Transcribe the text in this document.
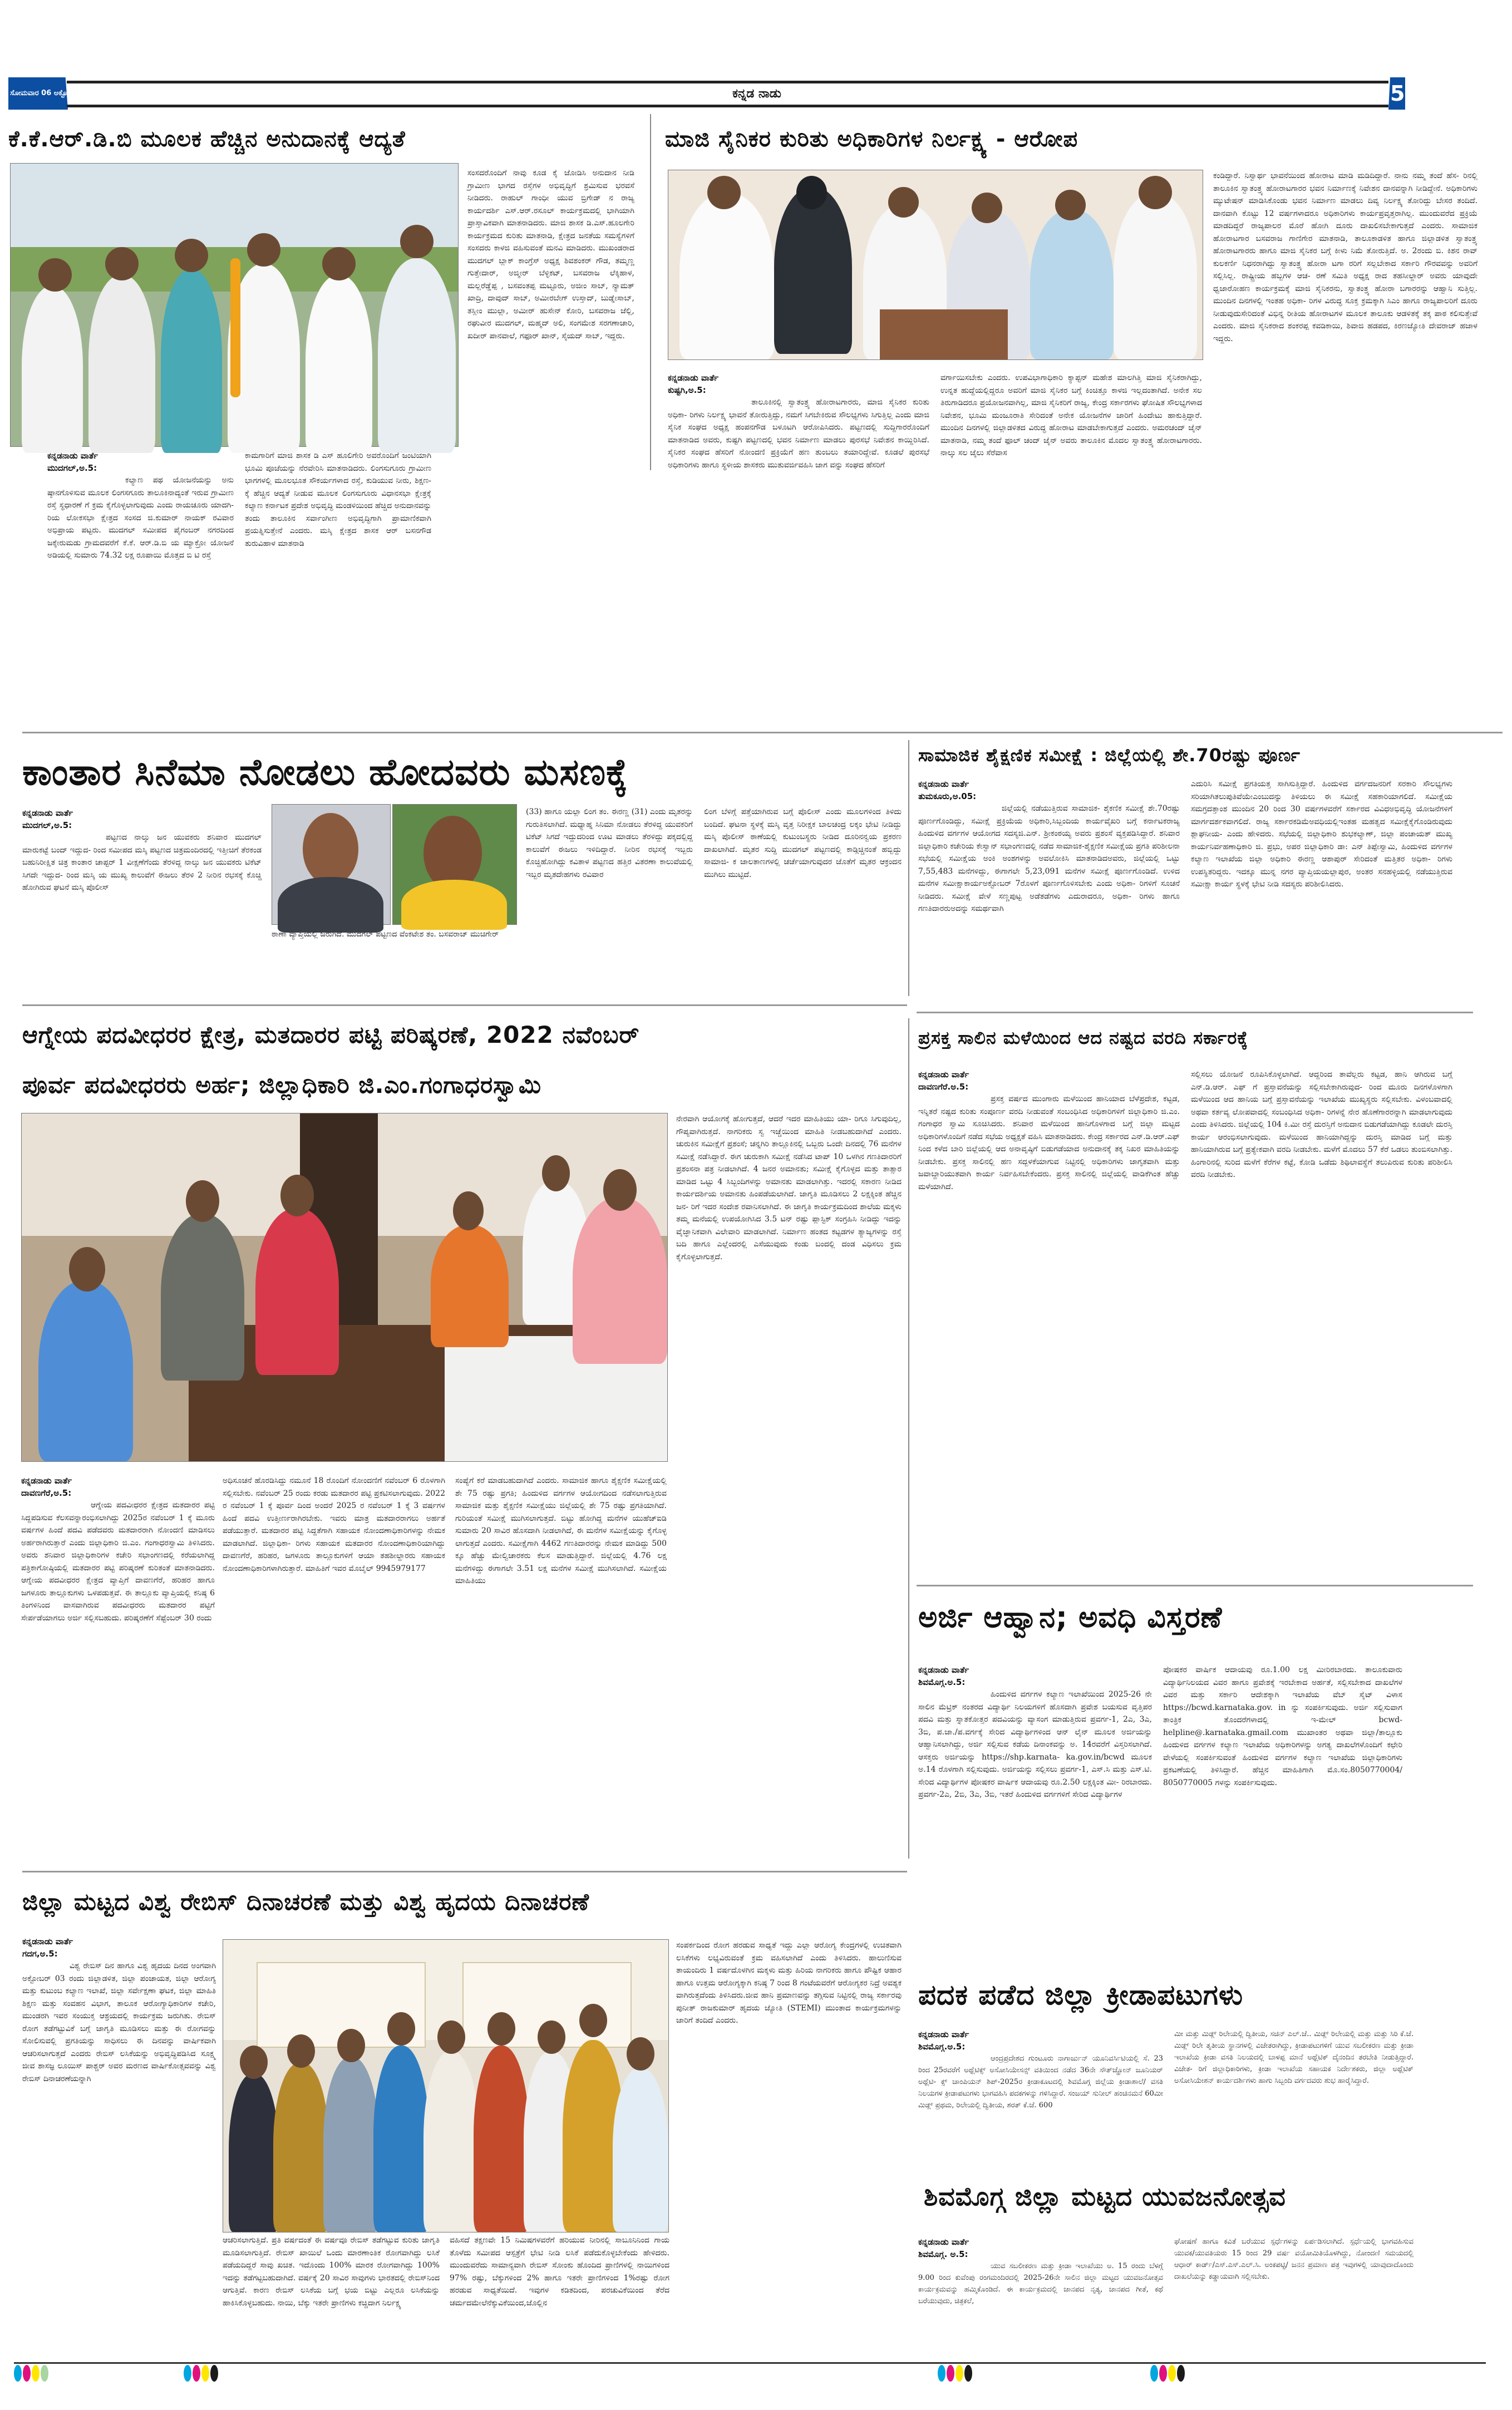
ಸೋಮವಾರ 06 ಅಕ್ಟೋಬರ್ 2025	ಕನ್ನಡ ನಾಡು	5
ಕೆ.ಕೆ.ಆರ್.ಡಿ.ಬಿ ಮೂಲಕ ಹೆಚ್ಚಿನ ಅನುದಾನಕ್ಕೆ ಆದ್ಯತೆ
ಕನ್ನಡನಾಡು ವಾರ್ತೆ
ಮುದಗಲ್,ಅ.5:
ಕಲ್ಯಾಣ ಪಥ ಯೋಜನೆಯನ್ನು ಅನು ಷ್ಠಾನಗೊಳಿಸುವ ಮೂಲಕ ಲಿಂಗಸಗೂರು ತಾಲೂಕಿನಾದ್ಯಂತೆ ಇರುವ ಗ್ರಾಮೀಣ ರಸ್ತೆ ಸ್ಥಧಾರಣೆ ಗೆ ಕ್ರಮ ಕೈಗೊಳ್ಳಲಾಗುವುದು ಎಂದು ರಾಯಚೂರು ಯಾದಗಿ- ರಿಯ ಲೋಕಸಭಾ ಕ್ಷೇತ್ರದ ಸಂಸದ ಜಿ.ಕುಮಾರ್ ನಾಯಕ್ ರವಿವಾರ ಅಭಿಪ್ರಾಯ ಪಟ್ಟರು. ಮುದಗಲ್ ಸಮೀಪದ ಪೈಗಂಬರ್ ನಗರದಿಂದ ಜಕ್ಕೇರುಮಡು ಗ್ರಾಮದವರೆಗೆ ಕೆ.ಕೆ. ಆರ್.ಡಿ.ಬಿ ಯ ಮ್ಯಾಕ್ರೋ ಯೋಜನೆ ಅಡಿಯಲ್ಲಿ ಸುಮಾರು 74.32 ಲಕ್ಷ ರೂಪಾಯಿ ಮೊತ್ತದ ಬಿ ಟಿ ರಸ್ತೆ
ಕಾಮಗಾರಿಗೆ ಮಾಜಿ ಶಾಸಕ ಡಿ ಎಸ್ ಹೂಲಿಗೇರಿ ಅವರೊಂದಿಗೆ ಜಂಟಿಯಾಗಿ ಭೂಮಿ ಪೂಜೆಯನ್ನು ನೆರವೇರಿಸಿ ಮಾತನಾಡಿದರು. ಲಿಂಗಸುಗೂರು ಗ್ರಾಮೀಣ ಭಾಗಗಳಲ್ಲಿ ಮೂಲಭೂತ ಸೌಕರ್ಯಗಳಾದ ರಸ್ತೆ, ಕುಡಿಯುವ ನೀರು, ಶಿಕ್ಷಣ- ಕ್ಕೆ ಹೆಚ್ಚಿನ ಆದ್ಯತೆ ನೀಡುವ ಮೂಲಕ ಲಿಂಗಸುಗೂರು ವಿಧಾನಸಭಾ ಕ್ಷೇತ್ರಕ್ಕೆ ಕಲ್ಯಾಣ ಕರ್ನಾಟಕ ಪ್ರದೇಶ ಅಭಿವೃದ್ಧಿ ಮಂಡಳಿಯಿಂದ ಹೆಚ್ಚಿದ ಅನುದಾನವನ್ನು ತಂದು ತಾಲೂಕಿನ ಸರ್ವಾಂಗೀಣ ಅಭಿವೃದ್ಧಿಗಾಗಿ ಪ್ರಾಮಾಣಿಕವಾಗಿ ಪ್ರಯತ್ನಿಸುತ್ತೇನೆ ಎಂದರು. ಮಸ್ಕಿ ಕ್ಷೇತ್ರದ ಶಾಸಕ ಆರ್ ಬಸನಗೌಡ ತುರುವಿಹಾಳ ಮಾತನಾಡಿ
ಸಂಸದರೊಂದಿಗೆ ನಾವು ಕೂಡ ಕೈ ಜೋಡಿಸಿ ಅನುದಾನ ನೀಡಿ ಗ್ರಾಮೀಣ ಭಾಗದ ರಸ್ತೆಗಳ ಅಭಿವೃದ್ಧಿಗೆ ಶ್ರಮಿಸುವ ಭರವಸೆ ನೀಡಿದರು. ರಾಹುಲ್ ಗಾಂಧೀ ಯುವ ಬ್ರಿಗೇಡ್ ನ ರಾಜ್ಯ ಕಾರ್ಯದರ್ಶಿ ಎಸ್.ಆರ್.ರಸೂಲ್ ಕಾರ್ಯಕ್ರಮದಲ್ಲಿ ಭಾಗಿಯಾಗಿ ಪ್ರಾಸ್ತಾವಿಕವಾಗಿ ಮಾತನಾಡಿದರು. ಮಾಜಿ ಶಾಸಕ ಡಿ.ಎಸ್.ಹೂಲಗೇರಿ ಕಾರ್ಯಕ್ರಮದ ಕುರಿತು ಮಾತನಾಡಿ, ಕ್ಷೇತ್ರದ ಜನತೆಯ ಸಮಸ್ಯೆಗಳಿಗೆ ಸಂಸದರು ಕಾಳಜಿ ವಹಿಸುವಂತೆ ಮನವಿ ಮಾಡಿದರು. ಮುಖಂಡರಾದ ಮುದಗಲ್ ಬ್ಲಾಕ್ ಕಾಂಗ್ರೆಸ್ ಅಧ್ಯಕ್ಷ ಶಿವಶಂಕರ್ ಗೌಡ, ತಮ್ಮಣ್ಣ ಗುತ್ತೇದಾರ್, ಅಜ್ಮೀರ್ ಬೆಳ್ಳಿಕಟ್, ಬಸವರಾಜ ಲೆಕ್ಕಿಹಾಳ, ಮಲ್ಲರೆಡ್ಡೆಪ್ಪ , ಬಸವಂತಪ್ಪ ಮಟ್ಟೂರು, ಅಜೀಂ ಸಾಬ್, ನ್ಯಾಮತ್ ಖಾದ್ರಿ, ದಾವುದ್ ಸಾಬ್, ಅಮೀರಬೇಗ್ ಉಸ್ತಾದ್, ಬುಡ್ನೇಸಾಬ್, ತಸ್ಲೀಂ ಮುಲ್ಲಾ, ಅಮೀರ್ ಹುಸೇನ್ ಕೋರಿ, ಬಸವರಾಜ ಜೆಲ್ಲಿ, ರಘುವೀರ ಮುದಗಲ್, ಮಹ್ಮದ್ ಅಲಿ, ಸಂಗಮೇಶ ಸರಗಣಾಚಾರಿ, ಖದೀರ್ ಪಾನವಾಲೆ, ಗಫೂರ್ ಖಾನ್, ಸೈಯದ್ ಸಾಬ್, ಇದ್ದರು.
ಮಾಜಿ ಸೈನಿಕರ ಕುರಿತು ಅಧಿಕಾರಿಗಳ ನಿರ್ಲಕ್ಷ್ಯ - ಆರೋಪ
ಕನ್ನಡನಾಡು ವಾರ್ತೆ
ಕುಷ್ಟಗಿ,ಅ.5:
ತಾಲೂಕಿನಲ್ಲಿ ಸ್ವಾತಂತ್ರ್ಯ ಹೋರಾಟಗಾರರು, ಮಾಜಿ ಸೈನಿಕರ ಕುರಿತು ಅಧಿಕಾ- ರಿಗಳು ನಿರ್ಲಕ್ಷ್ಯ ಭಾವನೆ ತೋರುತ್ತಿದ್ದು, ನಮಗೆ ಸಿಗಬೇಕಿರುವ ಸೌಲಭ್ಯಗಳು ಸಿಗುತ್ತಿಲ್ಲ ಎಂದು ಮಾಜಿ ಸೈನಿಕ ಸಂಘದ ಅಧ್ಯಕ್ಷ ಹಂಪನಗೌಡ ಬಳೂಟಗಿ ಆರೋಪಿಸಿದರು. ಪಟ್ಟಣದಲ್ಲಿ ಸುದ್ದಿಗಾರರೊಂದಿಗೆ ಮಾತನಾಡಿದ ಅವರು, ಕುಷ್ಟಗಿ ಪಟ್ಟಣದಲ್ಲಿ ಭವನ ನಿರ್ಮಾಣ ಮಾಡಲು ಪುರಸಭೆ ನಿವೇಶನ ಕಾಯ್ದಿರಿಸಿದೆ. ಸೈನಿಕರ ಸಂಘದ ಹೆಸರಿಗೆ ನೋಂದಣಿ ಪ್ರಕ್ರಿಯೆಗೆ ಹಣ ತುಂಬಲು ತಯಾರಿದ್ದೇವೆ. ಕೂಡಲೆ ಪುರಸಭೆ ಅಧಿಕಾರಿಗಳು ಹಾಗೂ ಸ್ಥಳೀಯ ಶಾಸಕರು ಮುತುವರ್ಜಿವಹಿಸಿ ಜಾಗ ವನ್ನು ಸಂಘದ ಹೆಸರಿಗೆ
ವರ್ಗಾಯಿಸಬೇಕು ಎಂದರು. ಉಪವಿಭಾಗಾಧಿಕಾರಿ ಕ್ಯಾಪ್ಟನ್ ಮಹೇಶ ಮಾಲಗಿತ್ತಿ ಮಾಜಿ ಸೈನಿಕರಾಗಿದ್ದು, ಉನ್ನತ ಹುದ್ದೆಯಲ್ಲಿದ್ದರೂ ಅವರಿಗೆ ಮಾಜಿ ಸೈನಿಕರ ಬಗ್ಗೆ ಕಿಂಚಿತ್ತೂ ಕಾಳಜಿ ಇಲ್ಲದಂತಾಗಿದೆ. ಅನೇಕ ಸಲ ತಿರುಗಾಡಿದರೂ ಪ್ರಯೋಜನವಾಗಿಲ್ಲ, ಮಾಜಿ ಸೈನಿಕರಿಗೆ ರಾಜ್ಯ, ಕೇಂದ್ರ ಸರ್ಕಾರಗಳು ಘೋಷಿತ ಸೌಲಭ್ಯಗಳಾದ ನಿವೇಶನ, ಭೂಮಿ ಮಂಜೂರಾತಿ ಸೇರಿದಂತೆ ಅನೇಕ ಯೋಜನೆಗಳ ಜಾರಿಗೆ ಹಿಂದೇಟು ಹಾಕುತ್ತಿದ್ದಾರೆ. ಮುಂದಿನ ದಿನಗಳಲ್ಲಿ ಜಿಲ್ಲಾಡಳಿತದ ವಿರುದ್ಧ ಹೋರಾಟ ಮಾಡಬೇಕಾಗುತ್ತದೆ ಎಂದರು. ಅಮರಚಂದ್ ಜೈನ್ ಮಾತನಾಡಿ, ನಮ್ಮ ತಂದೆ ಫೂಲ್ ಚಂದ್ ಜೈನ್ ಅವರು ತಾಲೂಕಿನ ಮೊದಲ ಸ್ವಾತಂತ್ರ್ಯ ಹೋರಾಟಗಾರರು. ನಾಲ್ಕು ಸಲ ಜೈಲು ಸೆರೆವಾಸ
ಕಂಡಿದ್ದಾರೆ. ನಿಸ್ವಾರ್ಥ ಭಾವನೆಯಿಂದ ಹೋರಾಟ ಮಾಡಿ ಮಡಿದಿದ್ದಾರೆ. ನಾನು ನಮ್ಮ ತಂದೆ ಹೆಸ- ರಿನಲ್ಲಿ ತಾಲೂಕಿನ ಸ್ವಾತಂತ್ರ್ಯ ಹೋರಾಟಗಾರರ ಭವನ ನಿರ್ಮಾಣಕ್ಕೆ ನಿವೇಶನ ದಾನವನ್ನಾಗಿ ನೀಡಿದ್ದೇನೆ. ಅಧಿಕಾರಿಗಳು ಮ್ಯುಟೇಷನ್ ಮಾಡಿಸಿಕೊಂಡು ಭವನ ನಿರ್ಮಾಣ ಮಾಡಲು ದಿವ್ಯ ನಿರ್ಲಕ್ಷ್ಯ ತೋರಿದ್ದು ಬೇಸರ ತಂದಿದೆ. ದಾನವಾಗಿ ಕೊಟ್ಟು 12 ವರ್ಷಗಳಾದರೂ ಅಧಿಕಾರಿಗಳು ಕಾರ್ಯಪ್ರವೃತ್ತರಾಗಿಲ್ಲ. ಮುಂದುವರೆದ ಪ್ರಕ್ರಿಯೆ ಮಾಡದಿದ್ದರೆ ರಾಜ್ಯಪಾಲರ ಮೊರೆ ಹೋಗಿ ದೂರು ದಾಖಲಿಸಬೇಕಾಗುತ್ತದೆ ಎಂದರು. ಸಾಮಾಜಿಕ ಹೋರಾಟಗಾರ ಬಸವರಾಜ ಗಾಣಿಗೇರ ಮಾತನಾಡಿ, ತಾಲೂಕಾಡಳಿತ ಹಾಗೂ ಜಿಲ್ಲಾಡಳಿತ ಸ್ವಾತಂತ್ರ್ಯ ಹೋರಾಟಗಾರರು ಹಾಗೂ ಮಾಜಿ ಸೈನಿಕರ ಬಗ್ಗೆ ಕೀಳು ನಿಮೆ ತೋರುತ್ತಿದೆ. ಅ. 2ರಂದು ಬಿ. ಕಿಶನ ರಾವ್ ಕುಲಕರ್ಣಿ ನಿಧನರಾಗಿದ್ದು ಸ್ವಾತಂತ್ರ್ಯ ಹೋರಾ ಟಗಾ ರರಿಗೆ ಸಲ್ಲಬೇಕಾದ ಸರ್ಕಾರಿ ಗೌರವವನ್ನು ಅವರಿಗೆ ಸಲ್ಲಿಸಿಲ್ಲ. ರಾಷ್ಟ್ರೀಯ ಹಬ್ಬಗಳ ಆಚ- ರಣೆ ಸಮಿತಿ ಅಧ್ಯಕ್ಷ ರಾದ ತಹಸೀಲ್ದಾರ್ ಅವರು ಯಾವುದೇ ಧ್ವಜಾರೋಹಣ ಕಾರ್ಯಕ್ರಮಕ್ಕೆ ಮಾಜಿ ಸೈನಿಕರನು, ಸ್ವಾತಂತ್ರ್ಯ ಹೋರಾ ಬಗಾರರನ್ನು ಆಹ್ವಾನಿ ಸುತ್ತಿಲ್ಲ. ಮುಂದಿನ ದಿನಗಳಲ್ಲಿ ಇಂತಹ ಅಧಿಕಾ- ರಿಗಳ ವಿರುದ್ಧ ಸೂಕ್ತ ಕ್ರಮಕ್ಕಾಗಿ ಸಿಎಂ ಹಾಗೂ ರಾಜ್ಯಪಾಲರಿಗೆ ದೂರು ನೀಡುವುದುಸೇರಿದಂತೆ ವಿಭಿನ್ನ ರೀತಿಯ ಹೋರಾಟಗಳ ಮೂಲಕ ತಾಲೂಕು ಆಡಳಿತಕ್ಕೆ ತಕ್ಕ ಪಾಠ ಕಲಿಸುತ್ತೇವೆ ಎಂದರು. ಮಾಜಿ ಸೈನಿಕರಾದ ಶಂಕರಪ್ಪ ಕವಡಿಕಾಯಿ, ಶಿವಾಜಿ ಹಡಪದ, ಕಿರಣಜ್ಯೋತಿ ದೇವರಾಜ್ ಹಜಾಳ ಇದ್ದರು.
ಕಾಂತಾರ ಸಿನೆಮಾ ನೋಡಲು ಹೋದವರು ಮಸಣಕ್ಕೆ
ಕನ್ನಡನಾಡು ವಾರ್ತೆ
ಮುದಗಲ್,ಅ.5:
ಪಟ್ಟಣದ ನಾಲ್ಕು ಜನ ಯುವಕರು ಶನಿವಾರ ಮುದಗಲ್ ಮಾರುಕಟ್ಟೆ ಬಂದ್ ಇದ್ದುದ- ರಿಂದ ಸಮೀಪದ ಮಸ್ಕಿ ಪಟ್ಟಣದ ಚಿತ್ರಮಂದಿರದಲ್ಲಿ ಇತ್ತೀಚಿಗೆ ತೆರಕಂಡ ಬಹುನಿರೀಕ್ಷಿತ ಚಿತ್ರ ಕಾಂತಾರ ಚಾಪ್ಟರ್ 1 ವೀಕ್ಷಣೆಗೆಂದು ತೆರಳಿದ್ದ ನಾಲ್ಕು ಜನ ಯುವಕರು ಟಿಕೆಟ್ ಸಿಗದೇ ಇದ್ದುದ- ರಿಂದ ಮಸ್ಕಿ ಯ ಮುಖ್ಯ ಕಾಲುವೆಗೆ ಈಜಲು ತೆರಳಿ 2 ನೀರಿನ ರಭಸಕ್ಕೆ ಕೊಚ್ಚಿ ಹೋಗಿರುವ ಘಟನೆ ಮಸ್ಕಿ ಪೊಲೀಸ್
ಠಾಣಾ ವ್ಯಾಪ್ತಿಯಲ್ಲಿ ಜರುಗಿದೆ. ಮುದಗಲ್ ಪಟ್ಟಣದ ವೆಂಕಟೇಶ ತಂ. ಬಸವರಾಜ್ ಮುಚಿಗೇರ್
(33) ಹಾಗೂ ಯಲ್ಲಾ ಲಿಂಗ ತಂ. ಈರಣ್ಣ (31) ಎಂದು ಮೃತರನ್ನು ಗುರುತಿಸಲಾಗಿದೆ. ಮಧ್ಯಾಹ್ನ ಸಿನಿಮಾ ನೋಡಲು ತೆರಳಿದ್ದ ಯುವಕರಿಗೆ ಟಿಕೆಟ್ ಸಿಗದೆ ಇದ್ದುದರಿಂದ ಊಟ ಮಾಡಲು ತೆರಳಿದ್ದು ಪಕ್ಕದಲ್ಲಿದ್ದ ಕಾಲುವೆಗೆ ಈಜಲು ಇಳಿದಿದ್ದಾರೆ. ನೀರಿನ ರಭಸಕ್ಕೆ ಇಬ್ಬರು ಕೊಚ್ಚಿಹೋಗಿದ್ದು ಕವಿತಾಳ ಪಟ್ಟಣದ ಹತ್ತಿರ ವಿತರಣಾ ಕಾಲುವೆಯಲ್ಲಿ ಇಬ್ಬರ ಮೃತದೇಹಗಳು ರವಿವಾರ
ಲಿಂಗ ಬೆಳಿಗ್ಗೆ ಪತ್ತೆಯಾಗಿರುವ ಬಗ್ಗೆ ಪೊಲೀಸ್ ಎಂದು ಮೂಲಗಳಿಂದ ತಿಳಿದು ಬಂದಿದೆ. ಘಟನಾ ಸ್ಥಳಕ್ಕೆ ಮಸ್ಕಿ ವೃತ್ತ ನಿರೀಕ್ಷಕ ಬಾಲಚಂದ್ರ ಲಕ್ಕಂ ಭೇಟಿ ನೀಡಿದ್ದು ಮಸ್ಕಿ ಪೊಲೀಸ್ ಠಾಣೆಯಲ್ಲಿ ಕುಟುಂಬಸ್ಥರು ನೀಡಿದ ದೂರಿನನ್ವಯ ಪ್ರಕರಣ ದಾಖಲಾಗಿದೆ. ಮೃತರ ಸುದ್ದಿ ಮುದಗಲ್ ಪಟ್ಟಣದಲ್ಲಿ ಕಾಡ್ಗಿಚ್ಚಿನಂತೆ ಹಬ್ಬಿದ್ದು ಸಾಮಾಜಿ- ಕ ಜಾಲತಾಣಗಳಲ್ಲಿ ಚರ್ಚೆಯಾಗುವುದರ ಜೊತೆಗೆ ಮೃತರ ಆಕ್ರಂದನ ಮುಗಿಲು ಮುಟ್ಟಿದೆ.
ಸಾಮಾಜಿಕ ಶೈಕ್ಷಣಿಕ ಸಮೀಕ್ಷೆ : ಜಿಲ್ಲೆಯಲ್ಲಿ ಶೇ.70ರಷ್ಟು ಪೂರ್ಣ
ಕನ್ನಡನಾಡು ವಾರ್ತೆ
ತುಮಕೂರು,ಅ.05:
ಜಿಲ್ಲೆಯಲ್ಲಿ ನಡೆಯುತ್ತಿರುವ ಸಾಮಾಜಿಕ- ಶೈಕಣಿಕ ಸಮೀಕ್ಷೆ ಶೇ.70ರಷ್ಟು ಪೂರ್ಣಗೊಂಡಿದ್ದು, ಸಮೀಕ್ಷೆ ಪ್ರಕ್ರಿಯೆಯ ಅಧಿಕಾರಿ,ಸಿಬ್ಬಂದಿಯ ಕಾರ್ಯವೈಖರಿ ಬಗ್ಗೆ ಕರ್ನಾಟಕರಾಜ್ಯ ಹಿಂದುಳಿದ ವರ್ಗಗಳ ಆಯೋಗದ ಸದಸ್ಯಜಿ.ಎನ್. ಶ್ರೀಕಂಠಯ್ಯ ಅವರು ಪ್ರಶಂಸೆ ವ್ಯಕ್ತಪಡಿಸಿದ್ದಾರೆ. ಶನಿವಾರ ಜಿಲ್ಲಾಧಿಕಾರಿ ಕಚೇರಿಯ ಕೇಸ್ವಾನ್ ಸಭಾಂಗಣದಲ್ಲಿ ನಡೆದ ಸಾಮಾಜಿಕ-ಶೈಕ್ಷಣಿಕ ಸಮೀಕ್ಷೆಯ ಪ್ರಗತಿ ಪರಿಶೀಲನಾ ಸಭೆಯಲ್ಲಿ ಸಮೀಕ್ಷೆಯ ಅಂಕಿ ಅಂಶಗಳನ್ನು ಅವಲೋಕಿಸಿ ಮಾತನಾಡಿದಅವರು, ಜಿಲ್ಲೆಯಲ್ಲಿ ಒಟ್ಟು 7,55,483 ಮನೆಗಳಿದ್ದು, ಈಗಾಗಲೇ 5,23,091 ಮನೆಗಳ ಸಮೀಕ್ಷೆ ಪೂರ್ಣಗೊಂಡಿದೆ. ಉಳಿದ ಮನೆಗಳ ಸಮೀಕ್ಷಾಕಾರ್ಯಅಕ್ಟೋಬರ್ 7ರೊಳಗೆ ಪೂರ್ಣಗೊಳಿಸಬೇಕು ಎಂದು ಅಧಿಕಾ- ರಿಗಳಿಗೆ ಸೂಚನೆ ನೀಡಿದರು. ಸಮೀಕ್ಷೆ ವೇಳೆ ಸಣ್ಣಪುಟ್ಟ ಅಡೆತಡೆಗಳು ಎದುರಾದರೂ, ಅಧಿಕಾ- ರಿಗಳು ಹಾಗೂ ಗಣತಿದಾರರುಅದನ್ನು ಸಮರ್ಥವಾಗಿ
ಎದುರಿಸಿ ಸಮೀಕ್ಷೆ ಪ್ರಗತಿಯತ್ತ ಸಾಗಿಸುತ್ತಿದ್ದಾರೆ. ಹಿಂದುಳಿದ ವರ್ಗದಜನರಿಗೆ ಸರಕಾರಿ ಸೌಲಭ್ಯಗಳು ಸರಿಯಾಗಿತಲುಪುತಿವೆಯೇಎಂಬುದನ್ನು ತಿಳಿಯಲು ಈ ಸಮೀಕ್ಷೆ ಸಹಕಾರಿಯಾಗಲಿದೆ. ಸಮೀಕ್ಷೆಯ ಸಮಗ್ರದತ್ತಾಂಶ ಮುಂದಿನ 20 ರಿಂದ 30 ವರ್ಷಗಳವರೆಗೆ ಸರ್ಕಾರದ ವಿವಿಧಅಭಿವೃದ್ಧಿ ಯೋಜನೆಗಳಿಗೆ ಮಾರ್ಗದರ್ಶಕವಾಗಲಿದೆ. ರಾಜ್ಯ ಸರ್ಕಾರಕಡಿಮೆಅವಧಿಯಲ್ಲಿಇಂತಹ ಮಹತ್ವದ ಸಮೀಕ್ಷೆಕೈಗೊಂಡಿರುವುದು ಶ್ಲಾಘನೀಯ- ಎಂದು ಹೇಳಿದರು. ಸಭೆಯಲ್ಲಿ ಜಿಲ್ಲಾಧಿಕಾರಿ ಶುಭಕಲ್ಯಾಣ್, ಜಿಲ್ಲಾ ಪಂಚಾಯತ್ ಮುಖ್ಯ ಕಾರ್ಯನಿರ್ವಹಣಾಧಿಕಾರಿ ಜಿ. ಪ್ರಭು, ಅಪರ ಜಿಲ್ಲಾಧಿಕಾರಿ ಡಾ: ಎನ್ ತಿಪ್ಪೇಸ್ವಾಮಿ, ಹಿಂದುಳಿದ ವರ್ಗಗಳ ಕಲ್ಯಾಣ ಇಲಾಖೆಯ ಜಿಲ್ಲಾ ಅಧಿಕಾರಿ ಈರಣ್ಣ ಆಶಾಪುರ್ ಸೇರಿದಂತೆ ಮತ್ತಿತರ ಅಧಿಕಾ- ರಿಗಳು ಉಪಸ್ಥಿತರಿದ್ದರು. ಇದಕ್ಕೂ ಮುನ್ನ ನಗರ ವ್ಯಾಪ್ತಿಯಯಲ್ಲಾಪುರ, ಅಂತರ ಸನಹಳ್ಳಿಯಲ್ಲಿ ನಡೆಯುತ್ತಿರುವ ಸಮೀಕ್ಷಾ ಕಾರ್ಯ ಸ್ಥಳಕ್ಕೆ ಭೇಟಿ ನೀಡಿ ಸದಸ್ಯರು ಪರಿಶೀಲಿಸಿದರು.
ಆಗ್ನೇಯ ಪದವೀಧರರ ಕ್ಷೇತ್ರ, ಮತದಾರರ ಪಟ್ಟಿ ಪರಿಷ್ಕರಣೆ, 2022 ನವೆಂಬರ್
ಪೂರ್ವ ಪದವೀಧರರು ಅರ್ಹ; ಜಿಲ್ಲಾಧಿಕಾರಿ ಜಿ.ಎಂ.ಗಂಗಾಧರಸ್ವಾಮಿ
ಕನ್ನಡನಾಡು ವಾರ್ತೆ
ದಾವಣಗೆರೆ,ಅ.5:
ಆಗ್ನೇಯ ಪದವೀಧರರ ಕ್ಷೇತ್ರದ ಮತದಾರರ ಪಟ್ಟಿ ಸಿದ್ದಪಡಿಸುವ ಕೆಲಸವನ್ನಾರಂಭಿಸಲಾಗಿದ್ದು 2025ರ ನವೆಂಬರ್ 1 ಕ್ಕೆ ಮೂರು ವರ್ಷಗಳ ಹಿಂದೆ ಪದವಿ ಪಡೆದವರು ಮತದಾರರಾಗಿ ನೋಂದಣಿ ಮಾಡಿಸಲು ಅರ್ಹರಾಗಿರುತ್ತಾರೆ ಎಂದು ಜಿಲ್ಲಾಧಿಕಾರಿ ಜಿ.ಎಂ. ಗಂಗಾಧರಸ್ವಾಮಿ ತಿಳಿಸಿದರು. ಅವರು ಶನಿವಾರ ಜಿಲ್ಲಾಧಿಕಾರಿಗಳ ಕಚೇರಿ ಸಭಾಂಗಣದಲ್ಲಿ ಕರೆಯಲಾಗಿದ್ದ ಪತ್ರಿಕಾಗೋಷ್ಠಿಯಲ್ಲಿ ಮತದಾರರ ಪಟ್ಟಿ ಪರಿಷ್ಕರಣೆ ಕುರಿತಂತೆ ಮಾತನಾಡಿದರು. ಆಗ್ನೇಯ ಪದವೀಧರರ ಕ್ಷೇತ್ರದ ವ್ಯಾಪ್ತಿಗೆ ದಾವಣಗೆರೆ, ಹರಿಹರ ಹಾಗೂ ಜಗಳೂರು ತಾಲ್ಲೂಕುಗಳು ಒಳಪಡುತ್ತವೆ. ಈ ತಾಲ್ಲೂಕು ವ್ಯಾಪ್ತಿಯಲ್ಲಿ ಕನಿಷ್ಠ 6 ತಿಂಗಳಿನಿಂದ ವಾಸವಾಗಿರುವ ಪದವೀಧರರು ಮತದಾರರ ಪಟ್ಟಿಗೆ ಸೇರ್ಪಡೆಯಾಗಲು ಅರ್ಜಿ ಸಲ್ಲಿಸಬಹುದು. ಪರಿಷ್ಕರಣೆಗೆ ಸೆಪ್ಟೆಂಬರ್ 30 ರಂದು
ಅಧಿಸೂಚನೆ ಹೊರಡಿಸಿದ್ದು ನಮೂನೆ 18 ರೊಂದಿಗೆ ನೋಂದಣಿಗೆ ನವೆಂಬರ್ 6 ರೊಳಗಾಗಿ ಸಲ್ಲಿಸಬೇಕು. ನವೆಂಬರ್ 25 ರಂದು ಕರಡು ಮತದಾರರ ಪಟ್ಟಿ ಪ್ರಕಟಿಸಲಾಗುವುದು. 2022 ರ ನವೆಂಬರ್ 1 ಕ್ಕೆ ಪೂರ್ವ ದಿಂದ ಅಂದರೆ 2025 ರ ನವೆಂಬರ್ 1 ಕ್ಕೆ 3 ವರ್ಷಗಳ ಹಿಂದೆ ಪದವಿ ಉತ್ತೀರ್ಣರಾಗಿರಬೇಕು. ಇವರು ಮಾತ್ರ ಮತದಾರರಾಗಲು ಅರ್ಹತೆ ಪಡೆಯುತ್ತಾರೆ. ಮತದಾರರ ಪಟ್ಟಿ ಸಿದ್ದತೆಗಾಗಿ ಸಹಾಯಕ ನೋಂದಣಾಧಿಕಾರಿಗಳನ್ನು ನೇಮಕ ಮಾಡಲಾಗಿದೆ. ಜಿಲ್ಲಾಧಿಕಾ- ರಿಗಳು ಸಹಾಯಕ ಮತದಾರರ ನೋಂದಣಾಧಿಕಾರಿಯಾಗಿದ್ದು ದಾವಣಗೆರೆ, ಹರಿಹರ, ಜಗಳೂರು ತಾಲ್ಲೂಕುಗಳಿಗೆ ಆಯಾ ತಹಶೀಲ್ದಾರರು ಸಹಾಯಕ ನೋಂದಣಾಧಿಕಾರಿಗಳಾಗಿರುತ್ತಾರೆ. ಮಾಹಿತಿಗೆ ಇವರ ಮೊಬೈಲ್ 9945979177
ಸಂಪ್ಯೆಗೆ ಕರೆ ಮಾಡಬಹುದಾಗಿದೆ ಎಂದರು. ಸಾಮಾಜಿಕ ಹಾಗೂ ಶೈಕ್ಷಣಿಕ ಸಮೀಕ್ಷೆಯಲ್ಲಿ ಶೇ 75 ರಷ್ಟು ಪ್ರಗತಿ; ಹಿಂದುಳಿದ ವರ್ಗಗಳ ಆಯೋಗದಿಂದ ನಡೆಸಲಾಗುತ್ತಿರುವ ಸಾಮಾಜಿಕ ಮತ್ತು ಶೈಕ್ಷಣಿಕ ಸಮೀಕ್ಷೆಯು ಜಿಲ್ಲೆಯಲ್ಲಿ ಶೇ 75 ರಷ್ಟು ಪ್ರಗತಿಯಾಗಿದೆ. ಗುರಿಯಂತೆ ಸಮೀಕ್ಷೆ ಮುಗಿಸಲಾಗುತ್ತದೆ. ಬಿಟ್ಟು ಹೋಗಿದ್ದ ಮನೆಗಳ ಯುಹೆಚ್ಐಡಿ ಸುಮಾರು 20 ಸಾವಿರ ಹೊಸದಾಗಿ ನೀಡಲಾಗಿದೆ, ಈ ಮನೆಗಳ ಸಮೀಕ್ಷೆಯನ್ನು ಕೈಗೊಳ್ಳ ಲಾಗುತ್ತದೆ ಎಂದರು. ಸಮೀಕ್ಷೆಗಾಗಿ 4462 ಗಣತಿದಾರರನ್ನು ನೇಮಕ ಮಾಡಿದ್ದು 500 ಕ್ಕೂ ಹೆಚ್ಚು ಮೇಲ್ವಿಚಾರಕರು ಕೆಲಸ ಮಾಡುತ್ತಿದ್ದಾರೆ. ಜಿಲ್ಲೆಯಲ್ಲಿ 4.76 ಲಕ್ಷ ಮನೆಗಳಿದ್ದು ಈಗಾಗಲೇ 3.51 ಲಕ್ಷ ಮನೆಗಳ ಸಮೀಕ್ಷೆ ಮುಗಿಸಲಾಗಿದೆ. ಸಮೀಕ್ಷೆಯ ಮಾಹಿತಿಯು
ನೇರವಾಗಿ ಆಯೋಗಕ್ಕೆ ಹೋಗುತ್ತದೆ, ಆದರೆ ಇದರ ಮಾಹಿತಿಯು ಯಾ- ರಿಗೂ ಸಿಗುವುದಿಲ್ಲ, ಗೌಪ್ಯವಾಗಿರುತ್ತದೆ. ನಾಗರಿಕರು ಸ್ವ ಇಚ್ಚೆಯಿಂದ ಮಾಹಿತಿ ನೀಡಬಹುದಾಗಿದೆ ಎಂದರು. ಚುರುಕಿನ ಸಮೀಕ್ಷೆಗೆ ಪ್ರಶಂಸೆ; ಚನ್ನಗಿರಿ ತಾಲ್ಲೂಕಿನಲ್ಲಿ ಒಬ್ಬರು ಒಂದೇ ದಿನದಲ್ಲಿ 76 ಮನೆಗಳ ಸಮೀಕ್ಷೆ ನಡೆಸಿದ್ದಾರೆ. ಈಗ ಚುರುಕಾಗಿ ಸಮೀಕ್ಷೆ ನಡೆಸಿದ ಟಾಪ್ 10 ಒಳಗಿನ ಗಣತಿದಾರರಿಗೆ ಪ್ರಶಂಸನಾ ಪತ್ರ ನೀಡಲಾಗಿದೆ. 4 ಜನರ ಅಮಾನತು; ಸಮೀಕ್ಷೆ ಕೈಗೊಳ್ಳದ ಮತ್ತು ತಾತ್ಸಾರ ಮಾಡಿದ ಒಟ್ಟು 4 ಸಿಬ್ಬಂದಿಗಳನ್ನು ಅಮಾನತು ಮಾಡಲಾಗಿತ್ತು. ಇದರಲ್ಲಿ ಸಕಾರಣ ನೀಡಿದ ಕಾರ್ಯದರ್ಶಿಯ ಅಮಾನತು ಹಿಂಪಡೆಯಲಾಗಿದೆ. ಜಾಗೃತಿ ಮೂಡಿಸಲು 2 ಲಕ್ಷಕ್ಕಿಂತ ಹೆಚ್ಚಿನ ಜನ- ರಿಗೆ ಇದರ ಸಂದೇಶ ರವಾನಿಸಲಾಗಿದೆ. ಈ ಜಾಗೃತಿ ಕಾರ್ಯಕ್ರಮದಿಂದ ಶಾಲೆಯ ಮಕ್ಕಳು ತಮ್ಮ ಮನೆಯಲ್ಲಿ ಉಪಯೋಗಿಸಿದ 3.5 ಟನ್ ರಷ್ಟು ಪ್ಲಾಸ್ಟಿಕ್ ಸಂಗ್ರಹಿಸಿ ನೀಡಿದ್ದು ಇದನ್ನು ವೈಜ್ಞಾನಿಕವಾಗಿ ವಿಲೇವಾರಿ ಮಾಡಲಾಗಿದೆ. ನಿರ್ಮಾಣ ಹಂತದ ಕಟ್ಟಡಗಳ ತ್ಯಾಜ್ಯಗಳನ್ನು ರಸ್ತೆ ಬದಿ ಹಾಗೂ ಎಲ್ಲೆಂದರಲ್ಲಿ ಎಸೆಯುವುದು ಕಂಡು ಬಂದಲ್ಲಿ ದಂಡ ವಿಧಿಸಲು ಕ್ರಮ ಕೈಗೊಳ್ಳಲಾಗುತ್ತದೆ.
ಪ್ರಸಕ್ತ ಸಾಲಿನ ಮಳೆಯಿಂದ ಆದ ನಷ್ಟದ ವರದಿ ಸರ್ಕಾರಕ್ಕೆ
ಕನ್ನಡನಾಡು ವಾರ್ತೆ
ದಾವಣಗೆರೆ.ಅ.5:
ಪ್ರಸಕ್ತ ವರ್ಷದ ಮುಂಗಾರು ಮಳೆಯಿಂದ ಹಾನಿಯಾದ ಬೆಳೆಪ್ರದೇಶ, ಕಟ್ಟಡ, ಇನ್ನಿತರೆ ನಷ್ಟದ ಕುರಿತು ಸಂಪೂರ್ಣ ವರದಿ ನೀಡುವಂತೆ ಸಂಬಂಧಿಸಿದ ಅಧಿಕಾರಿಗಳಿಗೆ ಜಿಲ್ಲಾಧಿಕಾರಿ ಜಿ.ಎಂ. ಗಂಗಾಧರ ಸ್ವಾಮಿ ಸೂಚಿಸಿದರು. ಶನಿವಾರ ಮಳೆಯಿಂದ ಹಾನಿಗೊಳಗಾದ ಬಗ್ಗೆ ಜಿಲ್ಲಾ ಮಟ್ಟದ ಅಧಿಕಾರಿಗಳೊಂದಿಗೆ ನಡೆದ ಸಭೆಯ ಅಧ್ಯಕ್ಷತೆ ವಹಿಸಿ ಮಾತನಾಡಿದರು. ಕೇಂದ್ರ ಸರ್ಕಾರದ ಎನ್.ಡಿ.ಆರ್.ಎಫ್ ನಿಂದ ಕಳೆದ ಬಾರಿ ಜಿಲ್ಲೆಯಲ್ಲಿ ಆದ ಅನಾವೃಷ್ಠಿಗೆ ಬಿಡುಗಡೆಯಾದ ಅನುದಾನಕ್ಕೆ ತಕ್ಕ ನಿಖರ ಮಾಹಿತಿಯನ್ನು ನೀಡಬೇಕು. ಪ್ರಸಕ್ತ ಸಾಲಿನಲ್ಲಿ ಹಣ ಸದ್ಬಳಕೆಯಾಗುವ ನಿಟ್ಟಿನಲ್ಲಿ ಅಧಿಕಾರಿಗಳು ಜಾಗೃತವಾಗಿ ಮತ್ತು ಜವಾಬ್ದಾರಿಯುತವಾಗಿ ಕಾರ್ಯ ನಿರ್ವಹಿಸಬೇಕೆಂದರು. ಪ್ರಸಕ್ತ ಸಾಲಿನಲ್ಲಿ ಜಿಲ್ಲೆಯಲ್ಲಿ ವಾಡಿಕೆಗಿಂತ ಹೆಚ್ಚು ಮಳೆಯಾಗಿದೆ.
ಸಲ್ಲಿಸಲು ಯೋಜನೆ ರೂಪಿಸಿಕೊಳ್ಳಲಾಗಿದೆ. ಆದ್ದರಿಂದ ತಾವೆಲ್ಲರು ಕಟ್ಟಡ, ಹಾನಿ ಆಗಿರುವ ಬಗ್ಗೆ ಎನ್.ಡಿ.ಆರ್. ಎಫ್ ಗೆ ಪ್ರಸ್ತಾವನೆಯನ್ನು ಸಲ್ಲಿಸಬೇಕಾಗಿರುವುದ- ರಿಂದ ಮೂರು ದಿನಗಳೊಳಗಾಗಿ ಮಳೆಯಿಂದ ಆದ ಹಾನಿಯ ಬಗ್ಗೆ ಪ್ರಸ್ತಾವನೆಯನ್ನು ಇಲಾಖೆಯ ಮುಖ್ಯಸ್ಥರು ಸಲ್ಲಿಸಬೇಕು. ವಿಳಂಬವಾದಲ್ಲಿ ಅಥವಾ ಕರ್ತವ್ಯ ಲೋಪವಾದಲ್ಲಿ ಸಂಬಂಧಿಸಿದ ಅಧಿಕಾ- ರಿಗಳನ್ನೆ ನೇರ ಹೊಣೆಗಾರರನ್ನಾಗಿ ಮಾಡಲಾಗುವುದು ಎಂದು ತಿಳಿಸಿದರು. ಜಿಲ್ಲೆಯಲ್ಲಿ 104 ಕಿ.ಮೀ ರಸ್ತೆ ದುರಸ್ತಿಗೆ ಅನುದಾನ ಬಿಡುಗಡೆಯಾಗಿದ್ದು ಕೂಡಲೇ ದುರಸ್ತಿ ಕಾರ್ಯ ಆರಂಭಿಸಲಾಗುವುದು. ಮಳೆಯಿಂದ ಹಾನಿಯಾಗಿದ್ದನ್ನು ದುರಸ್ತಿ ಮಾಡಿದ ಬಗ್ಗೆ ಮತ್ತು ಹಾನಿಯಾಗಿರುವ ಬಗ್ಗೆ ಪ್ರತ್ಯೇಕವಾಗಿ ವರದಿ ನೀಡಬೇಕು. ಮಳೆಗೆ ಮೊದಲು 57 ಕೆರೆ ಒಡಲು ತುಂಬಿಸಲಾಗಿತ್ತು. ಹಿಂಗಾರಿನಲ್ಲಿ ಸುರಿದ ಮಳೆಗೆ ಕೆರೆಗಳ ಕಟ್ಟೆ, ಕೋಡಿ ಒಡೆದು ಶಿಥಿಲಾವಸ್ಥೆಗೆ ತಲುಪಿರುವ ಕುರಿತು ಪರಿಶೀಲಿಸಿ ವರದಿ ನೀಡಬೇಕು.
ಅರ್ಜಿ ಆಹ್ವಾನ; ಅವಧಿ ವಿಸ್ತರಣೆ
ಕನ್ನಡನಾಡು ವಾರ್ತೆ
ಶಿವಮೊಗ್ಗ.ಅ.5:
ಹಿಂದುಳಿದ ವರ್ಗಗಳ ಕಲ್ಯಾಣ ಇಲಾಖೆಯಿಂದ 2025-26 ನೇ ಸಾಲಿನ ಮೆಟ್ರಿಕ್ ನಂತರದ ವಿದ್ಯಾರ್ಥಿ ನಿಲಯಗಳಿಗೆ ಹೊಸದಾಗಿ ಪ್ರವೇಶ ಬಯಸುವ ವೃತ್ತಿಪರ ಪದವಿ ಮತ್ತು ಸ್ನಾತಕೋತ್ತರ ಪದವಿಯನ್ನು ವ್ಯಾಸಂಗ ಮಾಡುತ್ತಿರುವ ಪ್ರವರ್ಗ-1, 2ಎ, 3ಎ, 3ಬಿ, ಪ.ಜಾ./ಪ.ವರ್ಗಕ್ಕೆ ಸೇರಿದ ವಿದ್ಯಾರ್ಥಿಗಳಿಂದ ಆನ್ ಲೈನ್ ಮೂಲಕ ಅರ್ಜಿಯನ್ನು ಆಹ್ವಾನಿಸಲಾಗಿದ್ದು, ಅರ್ಜಿ ಸಲ್ಲಿಸುವ ಕಡೆಯ ದಿನಾಂಕವನ್ನು ಅ. 14ರವರೆಗೆ ವಿಸ್ತರಿಸಲಾಗಿದೆ. ಆಸಕ್ತರು ಅರ್ಜಿಯನ್ನು https://shp.karnata- ka.gov.in/bcwd ಮೂಲಕ ಅ.14 ರೊಳಗಾಗಿ ಸಲ್ಲಿಸುವುದು. ಅರ್ಜಿಯನ್ನು ಸಲ್ಲಿಸಲು ಪ್ರವರ್ಗ-1, ಎಸ್.ಸಿ ಮತ್ತು ಎಸ್.ಟಿ. ಸೇರಿದ ವಿದ್ಯಾರ್ಥಿಗಳ ಪೋಷಕರ ವಾರ್ಷಿಕ ಆದಾಯವು ರೂ.2.50 ಲಕ್ಷಕ್ಕಿಂತ ಮೀ- ರಿರಬಾರದು. ಪ್ರವರ್ಗ-2ಎ, 2ಬಿ, 3ಎ, 3ಬಿ, ಇತರೆ ಹಿಂದುಳಿದ ವರ್ಗಗಳಿಗೆ ಸೇರಿದ ವಿದ್ಯಾರ್ಥಿಗಳ
ಪೋಷಕರ ವಾರ್ಷಿಕ ಆದಾಯವು ರೂ.1.00 ಲಕ್ಷ ಮೀರಿರಬಾರದು. ತಾಲೂಕುವಾರು ವಿದ್ಯಾರ್ಥಿನಿಲಯದ ವಿವರ ಹಾಗೂ ಪ್ರವೇಶಕ್ಕೆ ಇರಬೇಕಾದ ಅರ್ಹತೆ, ಸಲ್ಲಿಸಬೇಕಾದ ದಾಖಲೆಗಳ ವಿವರ ಮತ್ತು ಸರ್ಕಾರಿ ಆದೇಶಕ್ಕಾಗಿ ಇಲಾಖೆಯ ವೆಬ್ ಸೈಟ್ ವಿಳಾಸ https://bcwd.karnataka.gov. in ನ್ನು ಸಂಪರ್ಕಿಸುವುದು. ಅರ್ಜಿ ಸಲ್ಲಿಸುವಾಗ ತಾಂತ್ರಿಕ ತೊಂದರೆಗಳಾದಲ್ಲಿ ಇ-ಮೇಲ್ bcwd- helpline@.karnataka.gmail.com ಮುಖಾಂತರ ಅಥವಾ ಜಿಲ್ಲಾ/ತಾಲ್ಲೂಕು ಹಿಂದುಳಿದ ವರ್ಗಗಳ ಕಲ್ಯಾಣ ಇಲಾಖೆಯ ಅಧಿಕಾರಿಗಳನ್ನು ಅಗತ್ಯ ದಾಖಲೆಗಳೊಂದಿಗೆ ಕಛೇರಿ ವೇಳೆಯಲ್ಲಿ ಸಂಪರ್ಕಿಸುವಂತೆ ಹಿಂದುಳಿದ ವರ್ಗಗಳ ಕಲ್ಯಾಣ ಇಲಾಖೆಯ ಜಿಲ್ಲಾಧಿಕಾರಿಗಳು ಪ್ರಕಟಣೆಯಲ್ಲಿ ತಿಳಿಸಿದ್ದಾರೆ. ಹೆಚ್ಚಿನ ಮಾಹಿತಿಗಾಗಿ ಮೊ.ಸಂ.8050770004/ 8050770005 ಗಳನ್ನು ಸಂಪರ್ಕಿಸುವುದು.
ಜಿಲ್ಲಾ ಮಟ್ಟದ ವಿಶ್ವ ರೇಬಿಸ್ ದಿನಾಚರಣೆ ಮತ್ತು ವಿಶ್ವ ಹೃದಯ ದಿನಾಚರಣೆ
ಕನ್ನಡನಾಡು ವಾರ್ತೆ
ಗದಗ,ಅ.5:
ವಿಶ್ವ ರೇಬಿಸ್ ದಿನ ಹಾಗೂ ವಿಶ್ವ ಹೃದಯ ದಿನದ ಅಂಗವಾಗಿ ಅಕ್ಟೋಬರ್ 03 ರಂದು ಜಿಲ್ಲಾಡಳಿತ, ಜಿಲ್ಲಾ ಪಂಚಾಯತ, ಜಿಲ್ಲಾ ಆರೋಗ್ಯ ಮತ್ತು ಕುಟುಂಬ ಕಲ್ಯಾಣ ಇಲಾಖೆ, ಜಿಲ್ಲಾ ಸರ್ವೇಕ್ಷಣಾ ಘಟಕ, ಜಿಲ್ಲಾ ಮಾಹಿತಿ ಶಿಕ್ಷಣ ಮತ್ತು ಸಂವಹನ ವಿಭಾಗ, ತಾಲೂಕ ಆರೋಗ್ಯಾಧಿಕಾರಿಗಳ ಕಚೇರಿ, ಮುಂಡರಗಿ ಇವರ ಸಂಯುಕ್ತ ಆಶ್ರಯದಲ್ಲಿ ಕಾರ್ಯಕ್ರಮ ಜರುಗಿತು. ರೇಬಿಸ್ ರೋಗ ತಡೆಗಟ್ಟುವಿಕೆ ಬಗ್ಗೆ ಜಾಗೃತಿ ಮೂಡಿಸಲು ಮತ್ತು ಈ ರೋಗವನ್ನು ಸೋಲಿಸುವಲ್ಲಿ ಪ್ರಗತಿಯನ್ನು ಸಾಧಿಸಲು ಈ ದಿನವನ್ನು ವಾರ್ಷಿಕವಾಗಿ ಆಚರಿಸಲಾಗುತ್ತದೆ ಎಂದರು ರೇಬಿಸ್ ಲಸಿಕೆಯನ್ನು ಅಭಿವೃದ್ಧಿಪಡಿಸಿದ ಸೂಕ್ಷ್ಮ ಜೀವ ಶಾಸಜ್ಞ ಲೂಯಿಸ್ ಪಾಶ್ಚರ್ ಅವರ ಮರಣದ ವಾರ್ಷಿಕೋತ್ಸವವನ್ನು ವಿಶ್ವ ರೇಬಿಸ್ ದಿನಾಚರಣೆಯನ್ನಾಗಿ
ಆಚರಿಸಲಾಗುತ್ತಿದೆ. ಪ್ರತಿ ವರ್ಷದಂತೆ ಈ ವರ್ಷವೂ ರೇಬಿಸ್ ತಡೆಗಟ್ಟುವ ಕುರಿತು ಜಾಗೃತಿ ಮೂಡಿಸಲಾಗುತ್ತಿದೆ. ರೇಬಿಸ್ ಖಾಯಿಲೆ ಒಂದು ಮಾರಣಾಂತಿಕ ರೋಗವಾಗಿದ್ದು ಲಸಿಕೆ ಪಡೆಯದಿದ್ದರೆ ಸಾವು ಖಚಿತ. ಇದೊಂದು 100% ಮಾರಕ ರೋಗವಾಗಿದ್ದು 100% ಇದನ್ನು ತಡೆಗಟ್ಟಬಹುದಾಗಿದೆ. ವರ್ಷಕ್ಕೆ 20 ಸಾವಿರ ಸಾವುಗಳು ಭಾರತದಲ್ಲಿ ರೇಬಿಸ್‌ನಿಂದ ಆಗುತ್ತಿವೆ. ಕಾರಣ ರೇಬಿಸ್ ಲಸಿಕೆಯ ಬಗ್ಗೆ ಭಯ ಬಿಟ್ಟು ಎಲ್ಲರೂ ಲಸಿಕೆಯನ್ನು ಹಾಕಿಸಿಕೊಳ್ಳಬಹುದು. ನಾಯಿ, ಬೆಕ್ಕು ಇತರೇ ಪ್ರಾಣಿಗಳು ಕಚ್ಚಿದಾಗ ನಿರ್ಲಕ್ಷ್ಯ
ವಹಿಸದೆ ತಕ್ಷಣವೇ 15 ನಿಮಿಷಗಳವರೆಗೆ ಹರಿಯುವ ನೀರಿನಲ್ಲಿ ಸಾಬೂನಿನಿಂದ ಗಾಯ ತೊಳೆದು ಸಮೀಪದ ಆಸ್ಪತ್ರೆಗೆ ಭೇಟಿ ನೀಡಿ ಲಸಿಕೆ ಪಡೆದುಕೊಳ್ಳಬೇಕೆಂದು ಹೇಳಿದರು. ಮುಂದುವರೆದು ಸಾಮಾನ್ಯವಾಗಿ ರೇಬಿಸ್ ಸೋಂಕು ಹೊಂದಿದ ಪ್ರಾಣಿಗಳಲ್ಲಿ ನಾಯಿಗಳಿಂದ 97% ರಷ್ಟು, ಬೆಕ್ಕುಗಳಿಂದ 2% ಹಾಗೂ ಇತರೇ ಪ್ರಾಣಿಗಳಿಂದ 1%ರಷ್ಟು ರೋಗ ಹರಡುವ ಸಾಧ್ಯತೆಯಿದೆ. ಇವುಗಳ ಕಡಿತದಿಂದ, ಪರಚುವಿಕೆಯಿಂದ ತೆರೆದ ಚರ್ಮದಮೇಲೆನೆಕ್ಕುವಿಕೆಯಿಂದ,ಜೊಲ್ಲಿನ
ಸಂಪರ್ಕದಿಂದ ರೋಗ ಹರಡುವ ಸಾಧ್ಯತೆ ಇದ್ದು ಎಲ್ಲಾ ಆರೋಗ್ಯ ಕೇಂದ್ರಗಳಲ್ಲಿ ಉಚಿತವಾಗಿ ಲಸಿಕೆಗಳು ಲಭ್ಯವಿರುವಂತೆ ಕ್ರಮ ವಹಿಸಲಾಗಿದೆ ಎಂದು ತಿಳಿಸಿದರು. ಹಾಲುಣಿಸುವ ತಾಯಂದಿರು 1 ವರ್ಷದೊಳಗಿನ ಮಕ್ಕಳು ಮತ್ತು ಹಿರಿಯ ನಾಗರಿಕರು ಹಾಗೂ ಪೌಷ್ಟಿಕ ಆಹಾರ ಹಾಗೂ ಉತ್ತಮ ಆರೋಗ್ಯಕ್ಕಾಗಿ ಕನಿಷ್ಠ 7 ರಿಂದ 8 ಗಂಟೆಯವರೆಗೆ ಆರೋಗ್ಯಕರ ನಿದ್ರೆ ಅವಶ್ಯಕ ವಾಗಿರುತ್ತದೆಂದು ತಿಳಿಸಿದರು.ಜೀವ ಹಾನಿ ಪ್ರಮಾಣವನ್ನು ತಗ್ಗಿಸುವ ನಿಟ್ಟಿನಲ್ಲಿ ರಾಜ್ಯ ಸರ್ಕಾರವು ಪುನೀತ್ ರಾಜಕುಮಾರ್ ಹೃದಯ ಜ್ಯೋತಿ (STEMI) ಮುಂತಾದ ಕಾರ್ಯಕ್ರಮಗಳನ್ನು ಜಾರಿಗೆ ತಂದಿದೆ ಎಂದರು.
ಪದಕ ಪಡೆದ ಜಿಲ್ಲಾ ಕ್ರೀಡಾಪಟುಗಳು
ಕನ್ನಡನಾಡು ವಾರ್ತೆ
ಶಿವಮೊಗ್ಗ.ಅ.5:
ಆಂದ್ರಪ್ರದೇಶದ ಗುಂಟೂರು ನಾಗಾರ್ಜುನ್ ಯೂನಿವರ್ಸಿಟಿಯಲ್ಲಿ ಸೆ. 23 ರಿಂದ 25ರವರೆಗೆ ಅಥ್ಲೆಟಿಕ್ಸ್ ಅಸೋಸಿಯೇಸನ್ಸ್ ವತಿಯಿಂದ ನಡೆದ 36ನೇ ಸೌತ್‌ಜ್ಹೋನ್ ಜೂನಿಯರ್ ಅಥ್ಲೆಟಿ- ಕ್ಸ್ ಚಾಂಪಿಯನ್ ಶಿಪ್-2025ರ ಕ್ರೀಡಾಕೂಟದಲ್ಲಿ ಶಿವಮೊಗ್ಗ ಜಿಲ್ಲೆಯ ಕ್ರೀಡಾಶಾಲೆ/ ವಸತಿ ನಿಲಯಗಳ ಕ್ರೀಡಾಪಟುಗಳು ಭಾಗವಹಿಸಿ ಪದಕಗಳನ್ನು ಗಳಿಸಿದ್ದಾರೆ. ಸಂಜಯ್ ಸುನೀಲ್ ಹಂಚಿನಮನೆ 60ಮೀ ಮಿಡ್ಲ್ ಪ್ರಥಮ, ರಿಲೇಯಲ್ಲಿ ದ್ವಿತೀಯ, ಶರತ್ ಕೆ.ಜೆ. 600
ಮೀ ಮತ್ತು ಮಿಡ್ಲ್ ರಿಲೇಯಲ್ಲಿ ದ್ವಿತೀಯ, ಸಚಿನ್ ಎಲ್.ಜೆ.. ಮಿಡ್ಲ್ ರಿಲೇಯಲ್ಲಿ ಮತ್ತು ಮತ್ತು ಸಿರಿ ಕೆ.ಜೆ. ಮಿಡ್ಲ್ ರಿಲೇ ತೃತೀಯ ಸ್ಥಾನಗಳಲ್ಲಿ ವಿಜೇತರಾಗಿದ್ದು, ಕ್ರೀಡಾಪಟುಗಳಿಗೆ ಯುವ ಸಬಲೀಕರಣ ಮತ್ತು ಕ್ರೀಡಾ ಇಲಾಖೆಯ ಕ್ರೀಡಾ ವಸತಿ ನಿಲಯದಲ್ಲಿ ಬಾಳಪ್ಪ ಮಾನೆ ಅಥ್ಲೆಟಿಕ್ ದೈನಂದಿನ ತರಬೇತಿ ನೀಡುತ್ತಿದ್ದಾರೆ. ವಿಜೇತ- ರಿಗೆ ಜಿಲ್ಲಾಧಿಕಾರಿಗಳು, ಕ್ರೀಡಾ ಇಲಾಖೆಯ ಸಹಾಯಕ ನಿರ್ದೇಶಕರು, ಜಿಲ್ಲಾ ಅಥ್ಲೆಟಿಕ್ ಅಸೋಸಿಯೇಶನ್ ಕಾರ್ಯದರ್ಶಿಗಳು ಹಾಗು ಸಿಬ್ಬಂದಿ ವರ್ಗದವರು ಶುಭ ಹಾರೈಸಿದ್ದಾರೆ.
ಶಿವಮೊಗ್ಗ ಜಿಲ್ಲಾ ಮಟ್ಟದ ಯುವಜನೋತ್ಸವ
ಕನ್ನಡನಾಡು ವಾರ್ತೆ
ಶಿವಮೊಗ್ಗ. ಅ.5:
ಯುವ ಸಬಲೀಕರಣ ಮತ್ತು ಕ್ರೀಡಾ ಇಲಾಖೆಯು ಅ. 15 ರಂದು ಬೆಳಗ್ಗೆ 9.00 ರಿಂದ ಕುವೆಂಪು ರಂಗಮಂದಿರದಲ್ಲಿ 2025-26ನೇ ಸಾಲಿನ ಜಿಲ್ಲಾ ಮಟ್ಟದ ಯುವಜನೋತ್ಸವ ಕಾರ್ಯಕ್ರಮವನ್ನು ಹಮ್ಮಿಕೊಂಡಿದೆ. ಈ ಕಾರ್ಯಕ್ರಮದಲ್ಲಿ ಜಾನಪದ ನೃತ್ಯ, ಜಾನಪದ ಗೀತೆ, ಕಥೆ ಬರೆಯುವುದು, ಚಿತ್ರಕಲೆ,
ಘೋಷಣೆ ಹಾಗೂ ಕವಿತೆ ಬರೆಯುವ ಸ್ಪರ್ಧೆಗಳನ್ನು ಏರ್ಪಡಿಸಲಾಗಿದೆ. ಸ್ಪರ್ಧೆಯಲ್ಲಿ ಭಾಗವಹಿಸುವ ಯುವಕ/ಯುವತಿಯರು 15 ರಿಂದ 29 ವರ್ಷ ವಯೋಮಿತಿಯೊಳಗಿದ್ದು, ನೋಂದಣಿ ಸಮಯದಲ್ಲಿ ಆಧಾರ್ ಕಾರ್ಡ್/ಎಸ್.ಎಸ್.ಎಲ್.ಸಿ. ಅಂಕಪಟ್ಟಿ/ ಜನನ ಪ್ರಮಾಣ ಪತ್ರ ಇವುಗಳಲ್ಲಿ ಯಾವುದಾದೊಂದು ದಾಖಲೆಯನ್ನು ಕಡ್ಡಾಯವಾಗಿ ಸಲ್ಲಿಸಬೇಕು.
